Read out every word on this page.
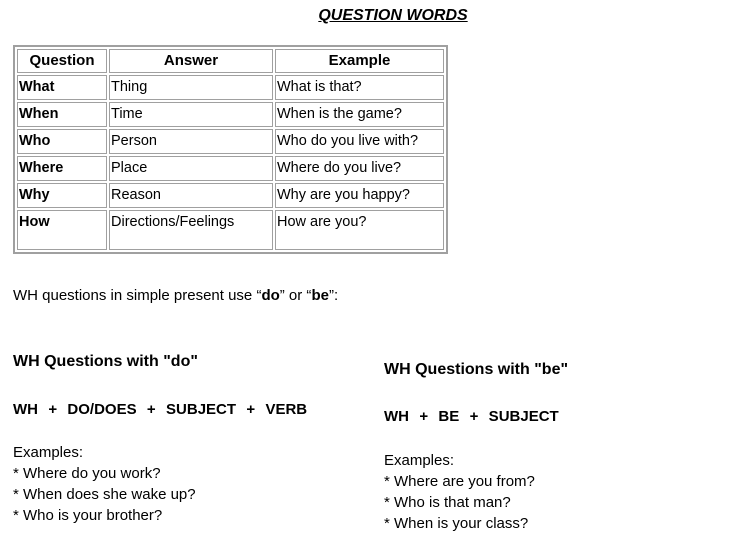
QUESTION WORDS
Question	Answer	Example
What	Thing	What is that?
When	Time	When is the game?
Who	Person	Who do you live with?
Where	Place	Where do you live?
Why	Reason	Why are you happy?
How	Directions/Feelings	How are you?
WH questions in simple present use “do” or “be”:
WH Questions with "do"
WH  +  DO/DOES  +  SUBJECT  +  VERB
Examples:
* Where do you work?
* When does she wake up?
* Who is your brother?
WH Questions with "be"
WH  +  BE  +  SUBJECT
Examples:
* Where are you from?
* Who is that man?
* When is your class?
